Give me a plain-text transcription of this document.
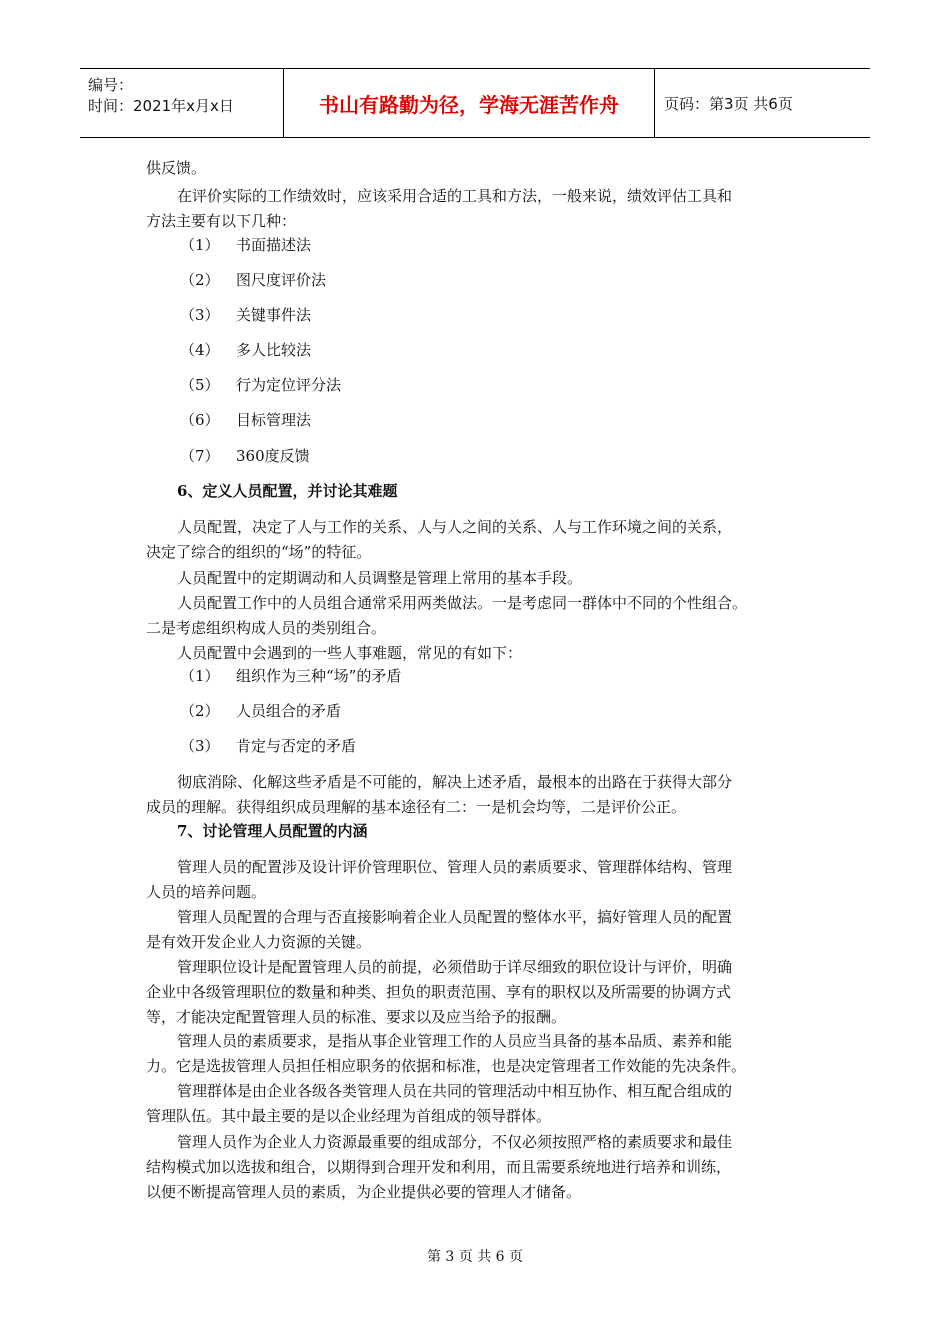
编号：
时间：2021年x月x日	书山有路勤为径，学海无涯苦作舟	页码：第3页 共6页
供反馈。
在评价实际的工作绩效时，应该采用合适的工具和方法，一般来说，绩效评估工具和
方法主要有以下几种：
（1） 书面描述法
（2） 图尺度评价法
（3） 关键事件法
（4） 多人比较法
（5） 行为定位评分法
（6） 目标管理法
（7） 360度反馈
6、定义人员配置，并讨论其难题
人员配置，决定了人与工作的关系、人与人之间的关系、人与工作环境之间的关系，
决定了综合的组织的“场”的特征。
人员配置中的定期调动和人员调整是管理上常用的基本手段。
人员配置工作中的人员组合通常采用两类做法。一是考虑同一群体中不同的个性组合。
二是考虑组织构成人员的类别组合。
人员配置中会遇到的一些人事难题，常见的有如下：
（1） 组织作为三种“场”的矛盾
（2） 人员组合的矛盾
（3） 肯定与否定的矛盾
彻底消除、化解这些矛盾是不可能的，解决上述矛盾，最根本的出路在于获得大部分
成员的理解。获得组织成员理解的基本途径有二：一是机会均等，二是评价公正。
7、讨论管理人员配置的内涵
管理人员的配置涉及设计评价管理职位、管理人员的素质要求、管理群体结构、管理
人员的培养问题。
管理人员配置的合理与否直接影响着企业人员配置的整体水平，搞好管理人员的配置
是有效开发企业人力资源的关键。
管理职位设计是配置管理人员的前提，必须借助于详尽细致的职位设计与评价，明确
企业中各级管理职位的数量和种类、担负的职责范围、享有的职权以及所需要的协调方式
等，才能决定配置管理人员的标准、要求以及应当给予的报酬。
管理人员的素质要求，是指从事企业管理工作的人员应当具备的基本品质、素养和能
力。它是选拔管理人员担任相应职务的依据和标准，也是决定管理者工作效能的先决条件。
管理群体是由企业各级各类管理人员在共同的管理活动中相互协作、相互配合组成的
管理队伍。其中最主要的是以企业经理为首组成的领导群体。
管理人员作为企业人力资源最重要的组成部分，不仅必须按照严格的素质要求和最佳
结构模式加以选拔和组合，以期得到合理开发和利用，而且需要系统地进行培养和训练，
以便不断提高管理人员的素质，为企业提供必要的管理人才储备。
第 3 页 共 6 页
